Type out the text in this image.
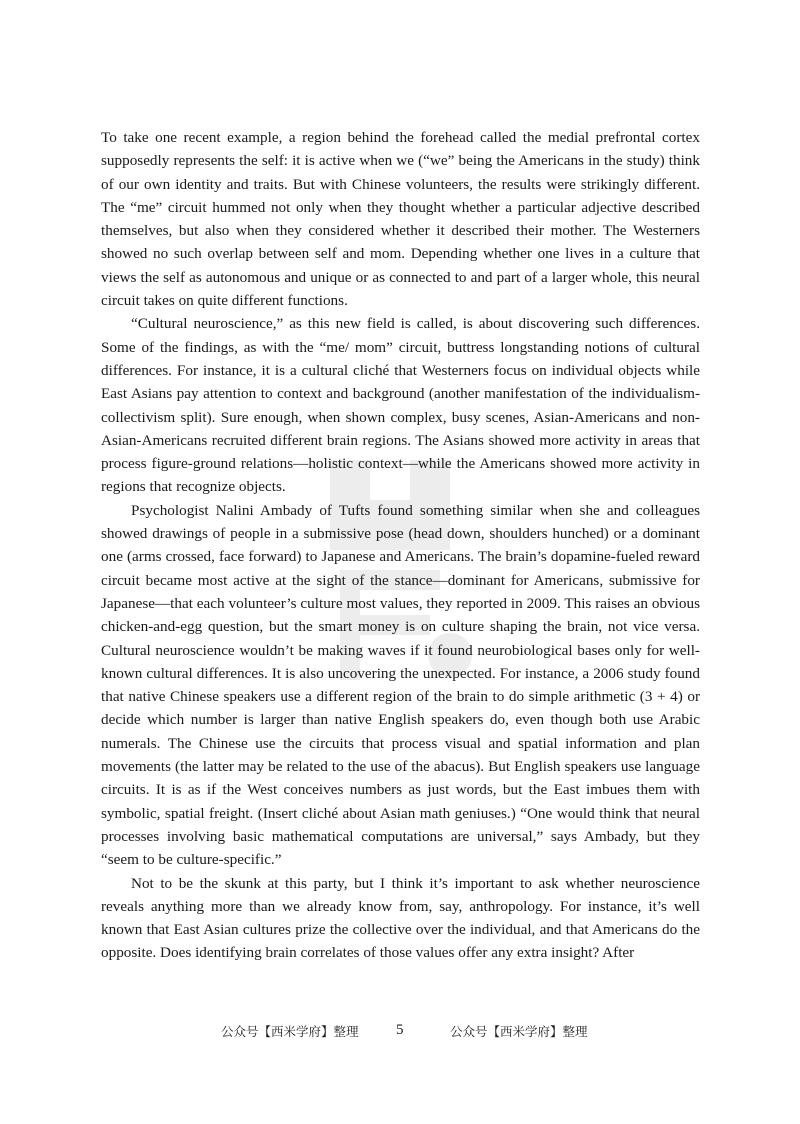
To take one recent example, a region behind the forehead called the medial prefrontal cortex supposedly represents the self: it is active when we (“we” being the Americans in the study) think of our own identity and traits. But with Chinese volunteers, the results were strikingly different. The “me” circuit hummed not only when they thought whether a particular adjective described themselves, but also when they considered whether it described their mother. The Westerners showed no such overlap between self and mom. Depending whether one lives in a culture that views the self as autonomous and unique or as connected to and part of a larger whole, this neural circuit takes on quite different functions.

“Cultural neuroscience,” as this new field is called, is about discovering such differences. Some of the findings, as with the “me/ mom” circuit, buttress longstanding notions of cultural differences. For instance, it is a cultural cliché that Westerners focus on individual objects while East Asians pay attention to context and background (another manifestation of the individualism-collectivism split). Sure enough, when shown complex, busy scenes, Asian-Americans and non-Asian-Americans recruited different brain regions. The Asians showed more activity in areas that process figure-ground relations—holistic context—while the Americans showed more activity in regions that recognize objects.

Psychologist Nalini Ambady of Tufts found something similar when she and colleagues showed drawings of people in a submissive pose (head down, shoulders hunched) or a dominant one (arms crossed, face forward) to Japanese and Americans. The brain’s dopamine-fueled reward circuit became most active at the sight of the stance—dominant for Americans, submissive for Japanese—that each volunteer’s culture most values, they reported in 2009. This raises an obvious chicken-and-egg question, but the smart money is on culture shaping the brain, not vice versa. Cultural neuroscience wouldn’t be making waves if it found neurobiological bases only for well-known cultural differences. It is also uncovering the unexpected. For instance, a 2006 study found that native Chinese speakers use a different region of the brain to do simple arithmetic (3 + 4) or decide which number is larger than native English speakers do, even though both use Arabic numerals. The Chinese use the circuits that process visual and spatial information and plan movements (the latter may be related to the use of the abacus). But English speakers use language circuits. It is as if the West conceives numbers as just words, but the East imbues them with symbolic, spatial freight. (Insert cliché about Asian math geniuses.) “One would think that neural processes involving basic mathematical computations are universal,” says Ambady, but they “seem to be culture-specific.”

Not to be the skunk at this party, but I think it’s important to ask whether neuroscience reveals anything more than we already know from, say, anthropology. For instance, it’s well known that East Asian cultures prize the collective over the individual, and that Americans do the opposite. Does identifying brain correlates of those values offer any extra insight? After

公众号【西米学府】整理 5	公众号【西米学府】整理
